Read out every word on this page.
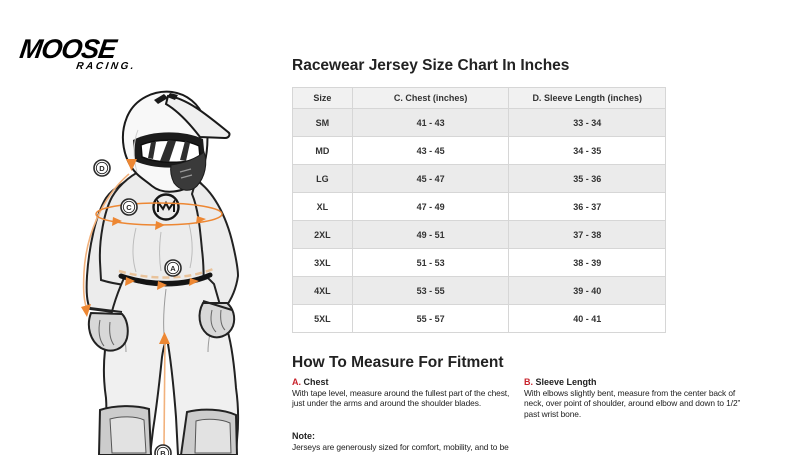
MOOSE
RACING.
D
C
A
B
Racewear Jersey Size Chart In Inches
Size	C. Chest (inches)	D. Sleeve Length (inches)
SM	41 - 43	33 - 34
MD	43 - 45	34 - 35
LG	45 - 47	35 - 36
XL	47 - 49	36 - 37
2XL	49 - 51	37 - 38
3XL	51 - 53	38 - 39
4XL	53 - 55	39 - 40
5XL	55 - 57	40 - 41
How To Measure For Fitment
A. Chest

With tape level, measure around the fullest part of the chest, just under the arms and around the shoulder blades.

B. Sleeve Length

With elbows slightly bent, measure from the center back of neck, over point of shoulder, around elbow and down to 1/2” past wrist bone.

Note:

Jerseys are generously sized for comfort, mobility, and to be
